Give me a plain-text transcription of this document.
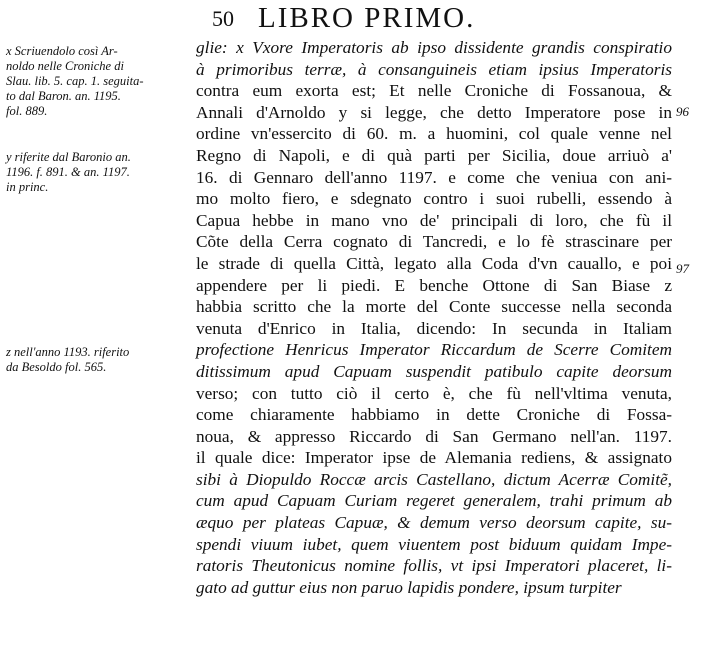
50 LIBRO PRIMO.
x Scriuendolo così Ar-
noldo nelle Croniche di
Slau. lib. 5. cap. 1. seguita-
to dal Baron. an. 1195.
fol. 889.
y riferite dal Baronio an.
1196. f. 891. & an. 1197.
in princ.
z nell'anno 1193. riferito
da Besoldo fol. 565.
96
97
glie: x Vxore Imperatoris ab ipso dissidente grandis conspiratio
à primoribus terræ, à consanguineis etiam ipsius Imperatoris
contra eum exorta est; Et nelle Croniche di Fossanoua, &
Annali d'Arnoldo y si legge, che detto Imperatore pose in
ordine vn'essercito di 60. m. a huomini, col quale venne nel
Regno di Napoli, e di quà parti per Sicilia, doue arriuò a'
16. di Gennaro dell'anno 1197. e come che veniua con ani-
mo molto fiero, e sdegnato contro i suoi rubelli, essendo à
Capua hebbe in mano vno de' principali di loro, che fù il
Cõte della Cerra cognato di Tancredi, e lo fè strascinare per
le strade di quella Città, legato alla Coda d'vn cauallo, e poi
appendere per li piedi. E benche Ottone di San Biase z
habbia scritto che la morte del Conte successe nella seconda
venuta d'Enrico in Italia, dicendo: In secunda in Italiam
profectione Henricus Imperator Riccardum de Scerre Comitem
ditissimum apud Capuam suspendit patibulo capite deorsum
verso; con tutto ciò il certo è, che fù nell'vltima venuta,
come chiaramente habbiamo in dette Croniche di Fossa-
noua, & appresso Riccardo di San Germano nell'an. 1197.
il quale dice: Imperator ipse de Alemania rediens, & assignato
sibi à Diopuldo Roccæ arcis Castellano, dictum Acerræ Comitẽ,
cum apud Capuam Curiam regeret generalem, trahi primum ab
æquo per plateas Capuæ, & demum verso deorsum capite, su-
spendi viuum iubet, quem viuentem post biduum quidam Impe-
ratoris Theutonicus nomine follis, vt ipsi Imperatori placeret, li-
gato ad guttur eius non paruo lapidis pondere, ipsum turpiter
